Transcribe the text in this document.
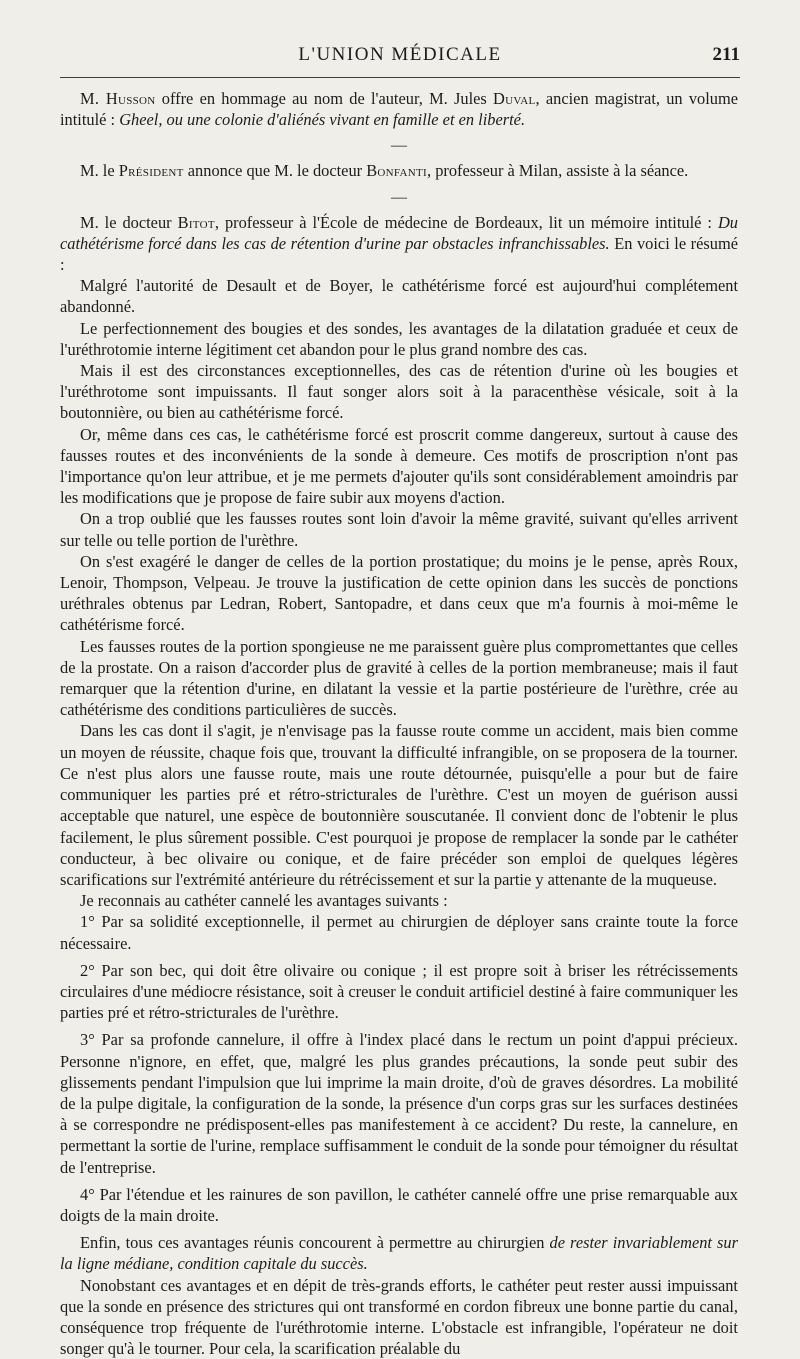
L'UNION MÉDICALE	211

M. Husson offre en hommage au nom de l'auteur, M. Jules Duval, ancien magistrat, un volume intitulé : Gheel, ou une colonie d'aliénés vivant en famille et en liberté.

—

M. le Président annonce que M. le docteur Bonfanti, professeur à Milan, assiste à la séance.

—

M. le docteur Bitot, professeur à l'École de médecine de Bordeaux, lit un mémoire intitulé : Du cathétérisme forcé dans les cas de rétention d'urine par obstacles infranchissables. En voici le résumé :

Malgré l'autorité de Desault et de Boyer, le cathétérisme forcé est aujourd'hui complétement abandonné.

Le perfectionnement des bougies et des sondes, les avantages de la dilatation graduée et ceux de l'uréthrotomie interne légitiment cet abandon pour le plus grand nombre des cas.

Mais il est des circonstances exceptionnelles, des cas de rétention d'urine où les bougies et l'uréthrotome sont impuissants. Il faut songer alors soit à la paracenthèse vésicale, soit à la boutonnière, ou bien au cathétérisme forcé.

Or, même dans ces cas, le cathétérisme forcé est proscrit comme dangereux, surtout à cause des fausses routes et des inconvénients de la sonde à demeure. Ces motifs de proscription n'ont pas l'importance qu'on leur attribue, et je me permets d'ajouter qu'ils sont considérablement amoindris par les modifications que je propose de faire subir aux moyens d'action.

On a trop oublié que les fausses routes sont loin d'avoir la même gravité, suivant qu'elles arrivent sur telle ou telle portion de l'urèthre.

On s'est exagéré le danger de celles de la portion prostatique; du moins je le pense, après Roux, Lenoir, Thompson, Velpeau. Je trouve la justification de cette opinion dans les succès de ponctions uréthrales obtenus par Ledran, Robert, Santopadre, et dans ceux que m'a fournis à moi-même le cathétérisme forcé.

Les fausses routes de la portion spongieuse ne me paraissent guère plus compromettantes que celles de la prostate. On a raison d'accorder plus de gravité à celles de la portion membraneuse; mais il faut remarquer que la rétention d'urine, en dilatant la vessie et la partie postérieure de l'urèthre, crée au cathétérisme des conditions particulières de succès.

Dans les cas dont il s'agit, je n'envisage pas la fausse route comme un accident, mais bien comme un moyen de réussite, chaque fois que, trouvant la difficulté infrangible, on se proposera de la tourner. Ce n'est plus alors une fausse route, mais une route détournée, puisqu'elle a pour but de faire communiquer les parties pré et rétro-stricturales de l'urèthre. C'est un moyen de guérison aussi acceptable que naturel, une espèce de boutonnière souscutanée. Il convient donc de l'obtenir le plus facilement, le plus sûrement possible. C'est pourquoi je propose de remplacer la sonde par le cathéter conducteur, à bec olivaire ou conique, et de faire précéder son emploi de quelques légères scarifications sur l'extrémité antérieure du rétrécissement et sur la partie y attenante de la muqueuse.

Je reconnais au cathéter cannelé les avantages suivants :

1° Par sa solidité exceptionnelle, il permet au chirurgien de déployer sans crainte toute la force nécessaire.

2° Par son bec, qui doit être olivaire ou conique ; il est propre soit à briser les rétrécissements circulaires d'une médiocre résistance, soit à creuser le conduit artificiel destiné à faire communiquer les parties pré et rétro-stricturales de l'urèthre.

3° Par sa profonde cannelure, il offre à l'index placé dans le rectum un point d'appui précieux. Personne n'ignore, en effet, que, malgré les plus grandes précautions, la sonde peut subir des glissements pendant l'impulsion que lui imprime la main droite, d'où de graves désordres. La mobilité de la pulpe digitale, la configuration de la sonde, la présence d'un corps gras sur les surfaces destinées à se correspondre ne prédisposent-elles pas manifestement à ce accident? Du reste, la cannelure, en permettant la sortie de l'urine, remplace suffisamment le conduit de la sonde pour témoigner du résultat de l'entreprise.

4° Par l'étendue et les rainures de son pavillon, le cathéter cannelé offre une prise remarquable aux doigts de la main droite.

Enfin, tous ces avantages réunis concourent à permettre au chirurgien de rester invariablement sur la ligne médiane, condition capitale du succès.

Nonobstant ces avantages et en dépit de très-grands efforts, le cathéter peut rester aussi impuissant que la sonde en présence des strictures qui ont transformé en cordon fibreux une bonne partie du canal, conséquence trop fréquente de l'uréthrotomie interne. L'obstacle est infrangible, l'opérateur ne doit songer qu'à le tourner. Pour cela, la scarification préalable du
